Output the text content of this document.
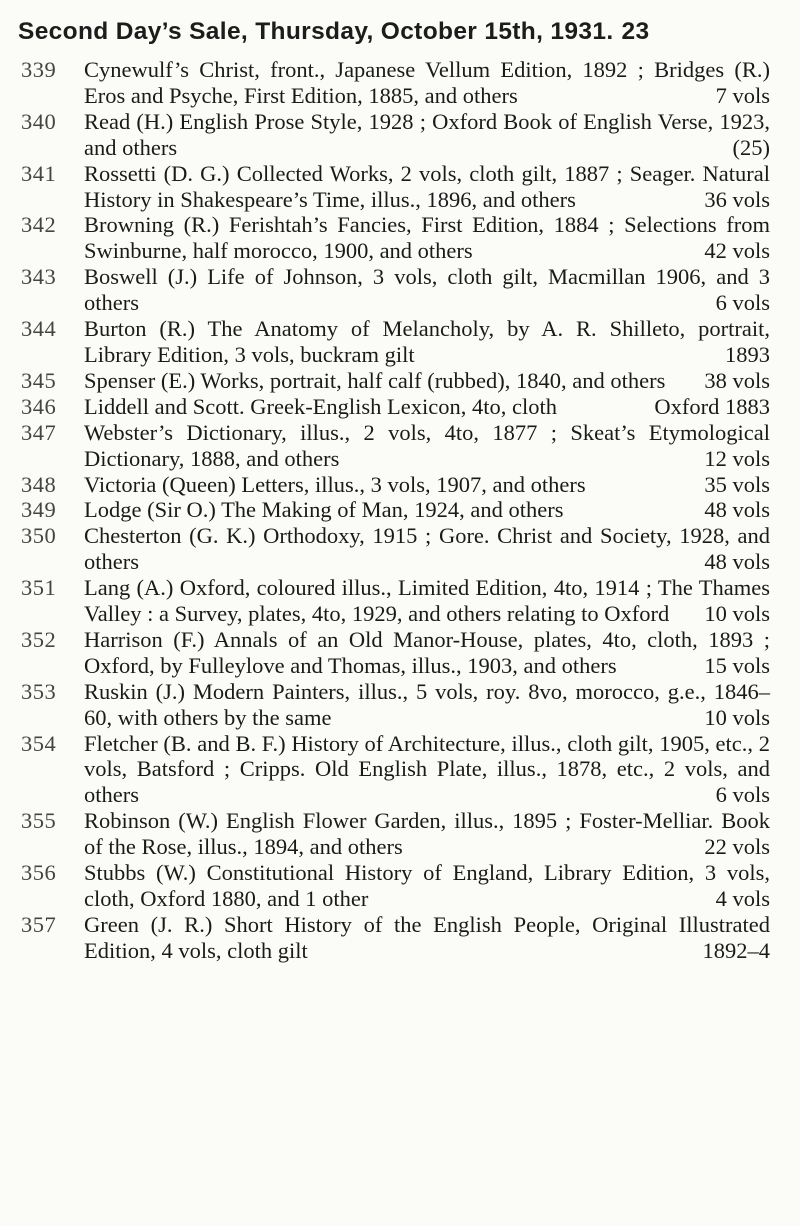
Second Day’s Sale, Thursday, October 15th, 1931. 23
339 Cynewulf’s Christ, front., Japanese Vellum Edition, 1892 ; Bridges (R.) Eros and Psyche, First Edition, 1885, and others	7 vols
340 Read (H.) English Prose Style, 1928 ; Oxford Book of English Verse, 1923, and others	(25)
341 Rossetti (D. G.) Collected Works, 2 vols, cloth gilt, 1887 ; Seager. Natural History in Shakespeare’s Time, illus., 1896, and others	36 vols
342 Browning (R.) Ferishtah’s Fancies, First Edition, 1884 ; Selections from Swinburne, half morocco, 1900, and others	42 vols
343 Boswell (J.) Life of Johnson, 3 vols, cloth gilt, Macmillan 1906, and 3 others	6 vols
344 Burton (R.) The Anatomy of Melancholy, by A. R. Shilleto, portrait, Library Edition, 3 vols, buckram gilt	1893
345 Spenser (E.) Works, portrait, half calf (rubbed), 1840, and others 38 vols
346 Liddell and Scott. Greek-English Lexicon, 4to, cloth	Oxford 1883
347 Webster’s Dictionary, illus., 2 vols, 4to, 1877 ; Skeat’s Etymological Dictionary, 1888, and others	12 vols
348 Victoria (Queen) Letters, illus., 3 vols, 1907, and others	35 vols
349 Lodge (Sir O.) The Making of Man, 1924, and others	48 vols
350 Chesterton (G. K.) Orthodoxy, 1915 ; Gore. Christ and Society, 1928, and others	48 vols
351 Lang (A.) Oxford, coloured illus., Limited Edition, 4to, 1914 ; The Thames Valley : a Survey, plates, 4to, 1929, and others relating to Oxford 10 vols
352 Harrison (F.) Annals of an Old Manor-House, plates, 4to, cloth, 1893 ; Oxford, by Fulleylove and Thomas, illus., 1903, and others	15 vols
353 Ruskin (J.) Modern Painters, illus., 5 vols, roy. 8vo, morocco, g.e., 1846–60, with others by the same	10 vols
354 Fletcher (B. and B. F.) History of Architecture, illus., cloth gilt, 1905, etc., 2 vols, Batsford ; Cripps. Old English Plate, illus., 1878, etc., 2 vols, and others	6 vols
355 Robinson (W.) English Flower Garden, illus., 1895 ; Foster-Melliar. Book of the Rose, illus., 1894, and others	22 vols
356 Stubbs (W.) Constitutional History of England, Library Edition, 3 vols, cloth, Oxford 1880, and 1 other	4 vols
357 Green (J. R.) Short History of the English People, Original Illustrated Edition, 4 vols, cloth gilt	1892–4
